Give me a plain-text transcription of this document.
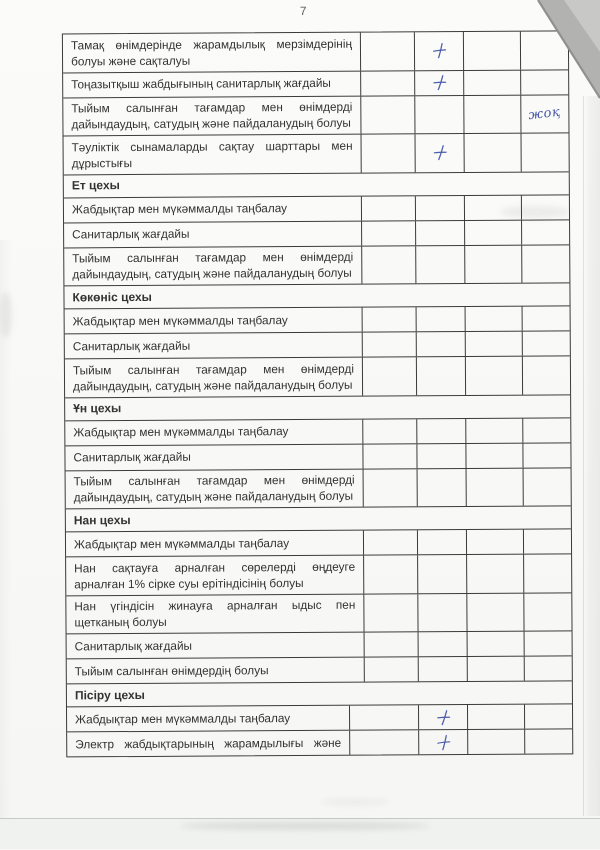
7
Тамақ өнімдерінде жарамдылық мерзімдерінің болуы және сақталуы
Тоңазытқыш жабдығының санитарлық жағдайы
Тыйым салынған тағамдар мен өнімдерді дайындаудың, сатудың және пайдаланудың болуы
жоқ
Тәуліктік сынамаларды сақтау шарттары мен дұрыстығы
Ет цехы
Жабдықтар мен мүкәммалды таңбалау
Санитарлық жағдайы
Тыйым салынған тағамдар мен өнімдерді дайындаудың, сатудың және пайдаланудың болуы
Көкөніс цехы
Жабдықтар мен мүкәммалды таңбалау
Санитарлық жағдайы
Тыйым салынған тағамдар мен өнімдерді дайындаудың, сатудың және пайдаланудың болуы
Ұн цехы
Жабдықтар мен мүкәммалды таңбалау
Санитарлық жағдайы
Тыйым салынған тағамдар мен өнімдерді дайындаудың, сатудың және пайдаланудың болуы
Нан цехы
Жабдықтар мен мүкәммалды таңбалау
Нан сақтауға арналған сөрелерді өңдеуге арналған 1% сірке суы ерітіндісінің болуы
Нан үгіндісін жинауға арналған ыдыс пен щетканың болуы
Санитарлық жағдайы
Тыйым салынған өнімдердің болуы
Пісіру цехы
Жабдықтар мен мүкәммалды таңбалау
Электр жабдықтарының жарамдылығы және
